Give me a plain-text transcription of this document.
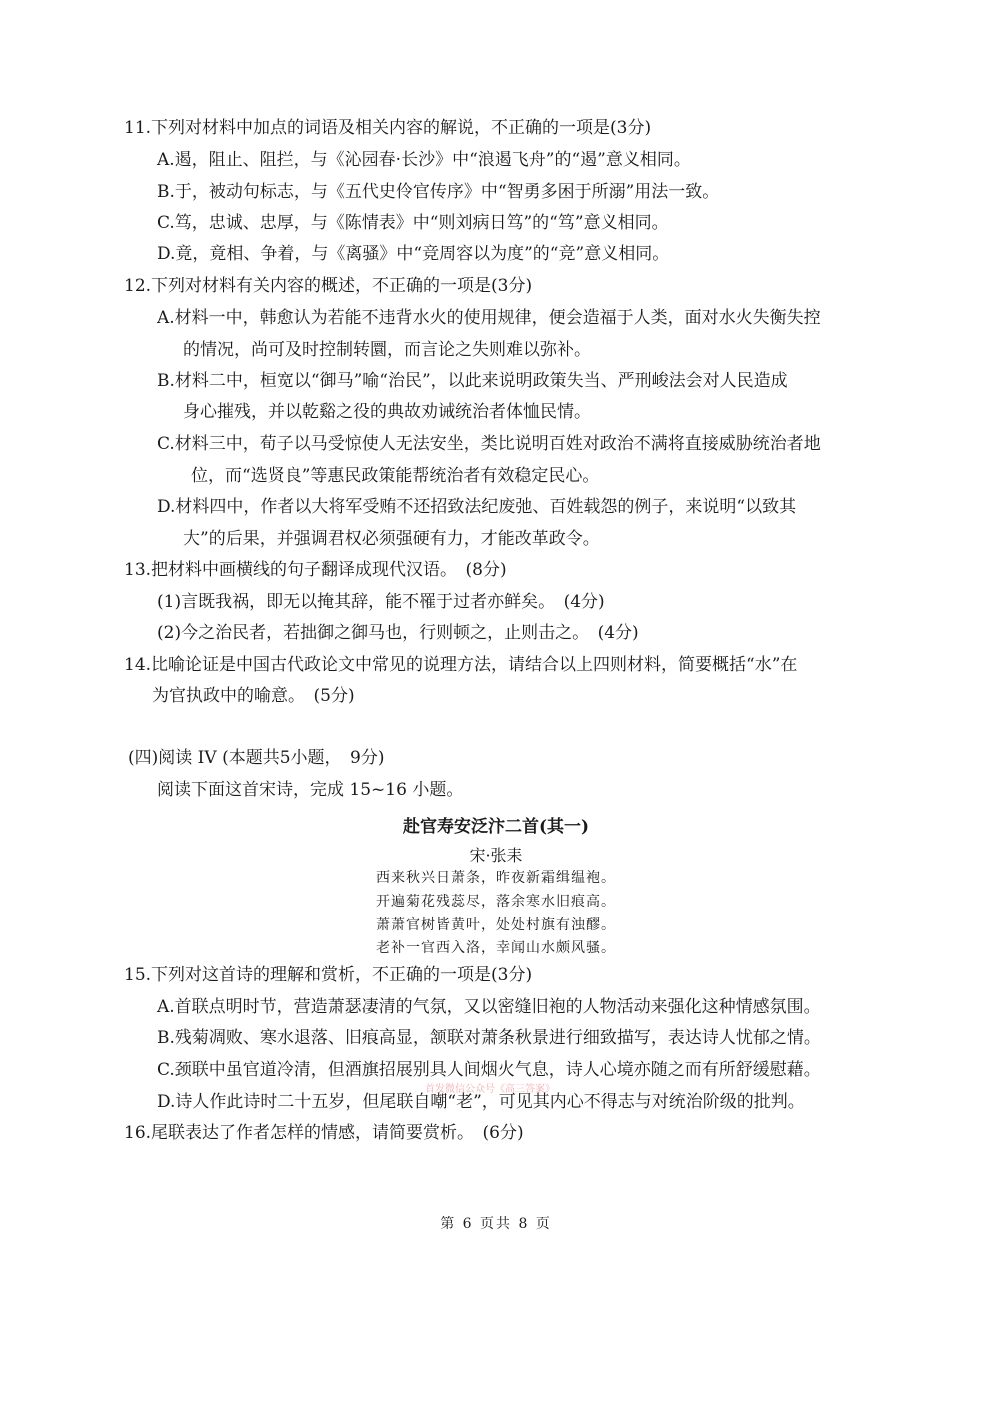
11.下列对材料中加点的词语及相关内容的解说，不正确的一项是(3分)
A.遏，阻止、阻拦，与《沁园春·长沙》中“浪遏飞舟”的“遏”意义相同。
B.于，被动句标志，与《五代史伶官传序》中“智勇多困于所溺”用法一致。
C.笃，忠诚、忠厚，与《陈情表》中“则刘病日笃”的“笃”意义相同。
D.竟，竟相、争着，与《离骚》中“竞周容以为度”的“竞”意义相同。
12.下列对材料有关内容的概述，不正确的一项是(3分)
A.材料一中，韩愈认为若能不违背水火的使用规律，便会造福于人类，面对水火失衡失控
的情况，尚可及时控制转圜，而言论之失则难以弥补。
B.材料二中，桓宽以“御马”喻“治民”，以此来说明政策失当、严刑峻法会对人民造成
身心摧残，并以乾谿之役的典故劝诫统治者体恤民情。
C.材料三中，荀子以马受惊使人无法安坐，类比说明百姓对政治不满将直接威胁统治者地
位，而“选贤良”等惠民政策能帮统治者有效稳定民心。
D.材料四中，作者以大将军受贿不还招致法纪废弛、百姓载怨的例子，来说明“以致其
大”的后果，并强调君权必须强硬有力，才能改革政令。
13.把材料中画横线的句子翻译成现代汉语。　(8分)
(1)言既我祸，即无以掩其辞，能不罹于过者亦鲜矣。　(4分)
(2)今之治民者，若拙御之御马也，行则顿之，止则击之。　(4分)
14.比喻论证是中国古代政论文中常见的说理方法，请结合以上四则材料，简要概括“水”在
为官执政中的喻意。　(5分)
(四)阅读 IV (本题共5小题，　9分)
阅读下面这首宋诗，完成 15~16 小题。
赴官寿安泛汴二首(其一)
宋·张耒
西来秋兴日萧条，昨夜新霜缉缊袍。
开遍菊花残蕊尽，落余寒水旧痕高。
萧萧官树皆黄叶，处处村旗有浊醪。
老补一官西入洛，幸闻山水颇风骚。
15.下列对这首诗的理解和赏析，不正确的一项是(3分)
A.首联点明时节，营造萧瑟凄清的气氛，又以密缝旧袍的人物活动来强化这种情感氛围。
B.残菊凋败、寒水退落、旧痕高显，颔联对萧条秋景进行细致描写，表达诗人忧郁之情。
C.颈联中虽官道冷清，但酒旗招展别具人间烟火气息，诗人心境亦随之而有所舒缓慰藉。
D.诗人作此诗时二十五岁，但尾联自嘲“老”，可见其内心不得志与对统治阶级的批判。
16.尾联表达了作者怎样的情感，请简要赏析。　(6分)
首发微信公众号《高三答案》
第 6 页共 8 页
